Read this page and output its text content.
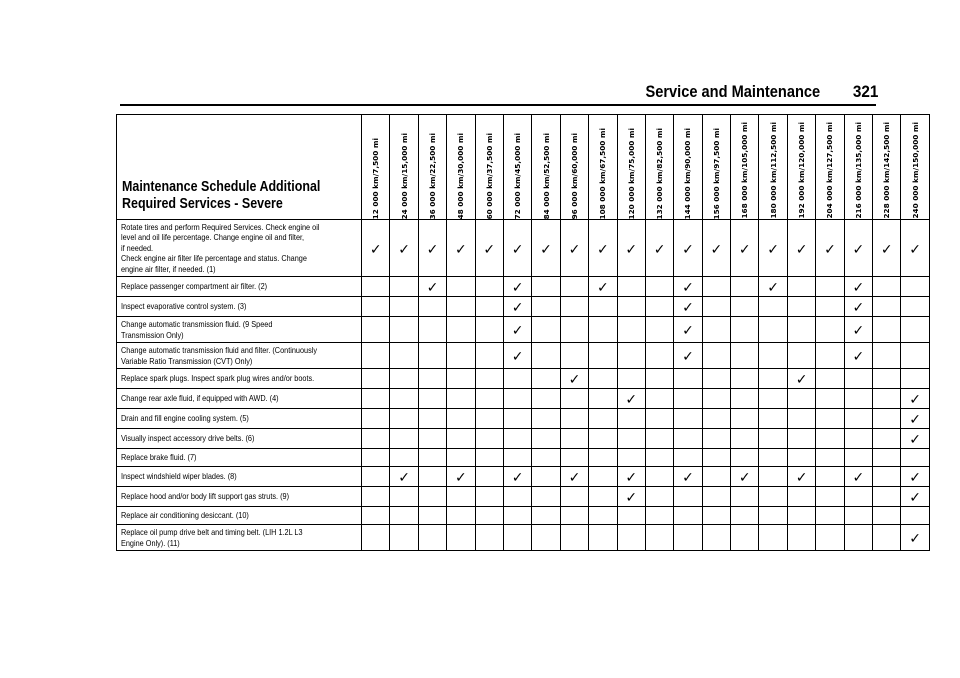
Service and Maintenance 321
Maintenance Schedule Additional
Required Services - Severe	12 000 km/7,500 mi	24 000 km/15,000 mi	36 000 km/22,500 mi	48 000 km/30,000 mi	60 000 km/37,500 mi	72 000 km/45,000 mi	84 000 km/52,500 mi	96 000 km/60,000 mi	108 000 km/67,500 mi	120 000 km/75,000 mi	132 000 km/82,500 mi	144 000 km/90,000 mi	156 000 km/97,500 mi	168 000 km/105,000 mi	180 000 km/112,500 mi	192 000 km/120,000 mi	204 000 km/127,500 mi	216 000 km/135,000 mi	228 000 km/142,500 mi	240 000 km/150,000 mi

Rotate tires and perform Required Services. Check engine oil
level and oil life percentage. Change engine oil and filter,
if needed.
Check engine air filter life percentage and status. Change
engine air filter, if needed. (1)	✓	✓	✓	✓	✓	✓	✓	✓	✓	✓	✓	✓	✓	✓	✓	✓	✓	✓	✓	✓

Replace passenger compartment air filter. (2)			✓			✓			✓			✓			✓			✓		

Inspect evaporative control system. (3)						✓						✓						✓		

Change automatic transmission fluid. (9 Speed
Transmission Only)						✓						✓						✓		

Change automatic transmission fluid and filter. (Continuously
Variable Ratio Transmission (CVT) Only)						✓						✓						✓		

Replace spark plugs. Inspect spark plug wires and/or boots.								✓								✓				

Change rear axle fluid, if equipped with AWD. (4)										✓										✓

Drain and fill engine cooling system. (5)																				✓

Visually inspect accessory drive belts. (6)																				✓

Replace brake fluid. (7)																				

Inspect windshield wiper blades. (8)		✓		✓		✓		✓		✓		✓		✓		✓		✓		✓

Replace hood and/or body lift support gas struts. (9)										✓										✓

Replace air conditioning desiccant. (10)																				

Replace oil pump drive belt and timing belt. (LIH 1.2L L3
Engine Only). (11)																				✓
